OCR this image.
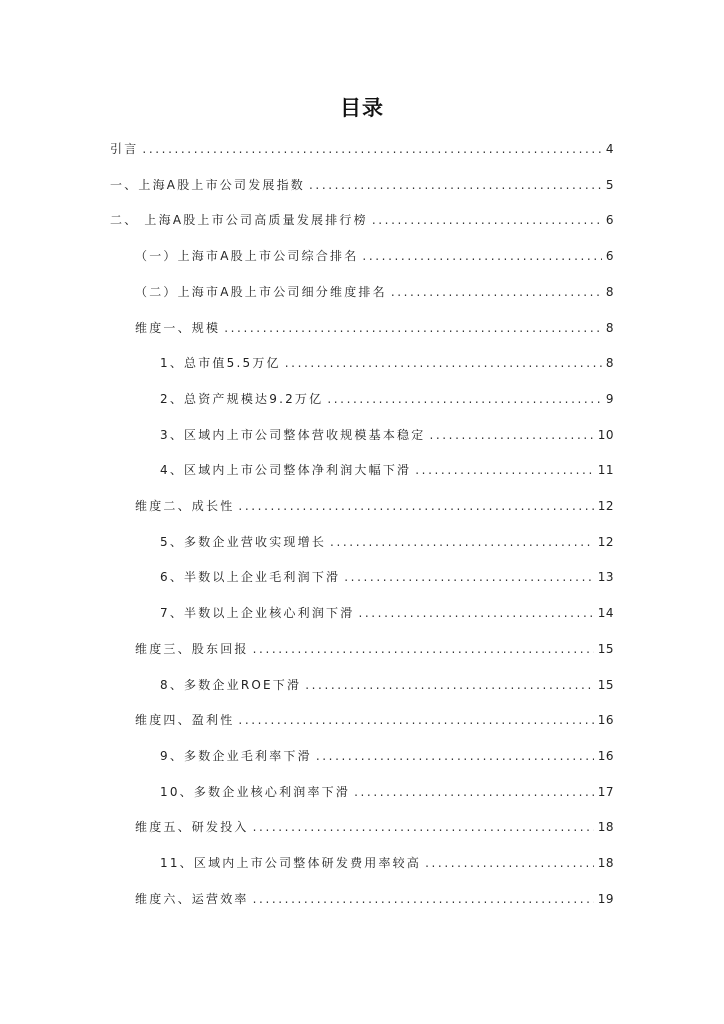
目录
引言 .....	4
一、上海A股上市公司发展指数 .....	5
二、 上海A股上市公司高质量发展排行榜 .....	6
（一）上海市A股上市公司综合排名 .....	6
（二）上海市A股上市公司细分维度排名 .....	8
维度一、规模 .....	8
1、总市值5.5万亿 .....	8
2、总资产规模达9.2万亿 .....	9
3、区域内上市公司整体营收规模基本稳定 .....	10
4、区域内上市公司整体净利润大幅下滑 .....	11
维度二、成长性 .....	12
5、多数企业营收实现增长 .....	12
6、半数以上企业毛利润下滑 .....	13
7、半数以上企业核心利润下滑 .....	14
维度三、股东回报 .....	15
8、多数企业ROE下滑 .....	15
维度四、盈利性 .....	16
9、多数企业毛利率下滑 .....	16
10、多数企业核心利润率下滑 .....	17
维度五、研发投入 .....	18
11、区域内上市公司整体研发费用率较高 .....	18
维度六、运营效率 .....	19
